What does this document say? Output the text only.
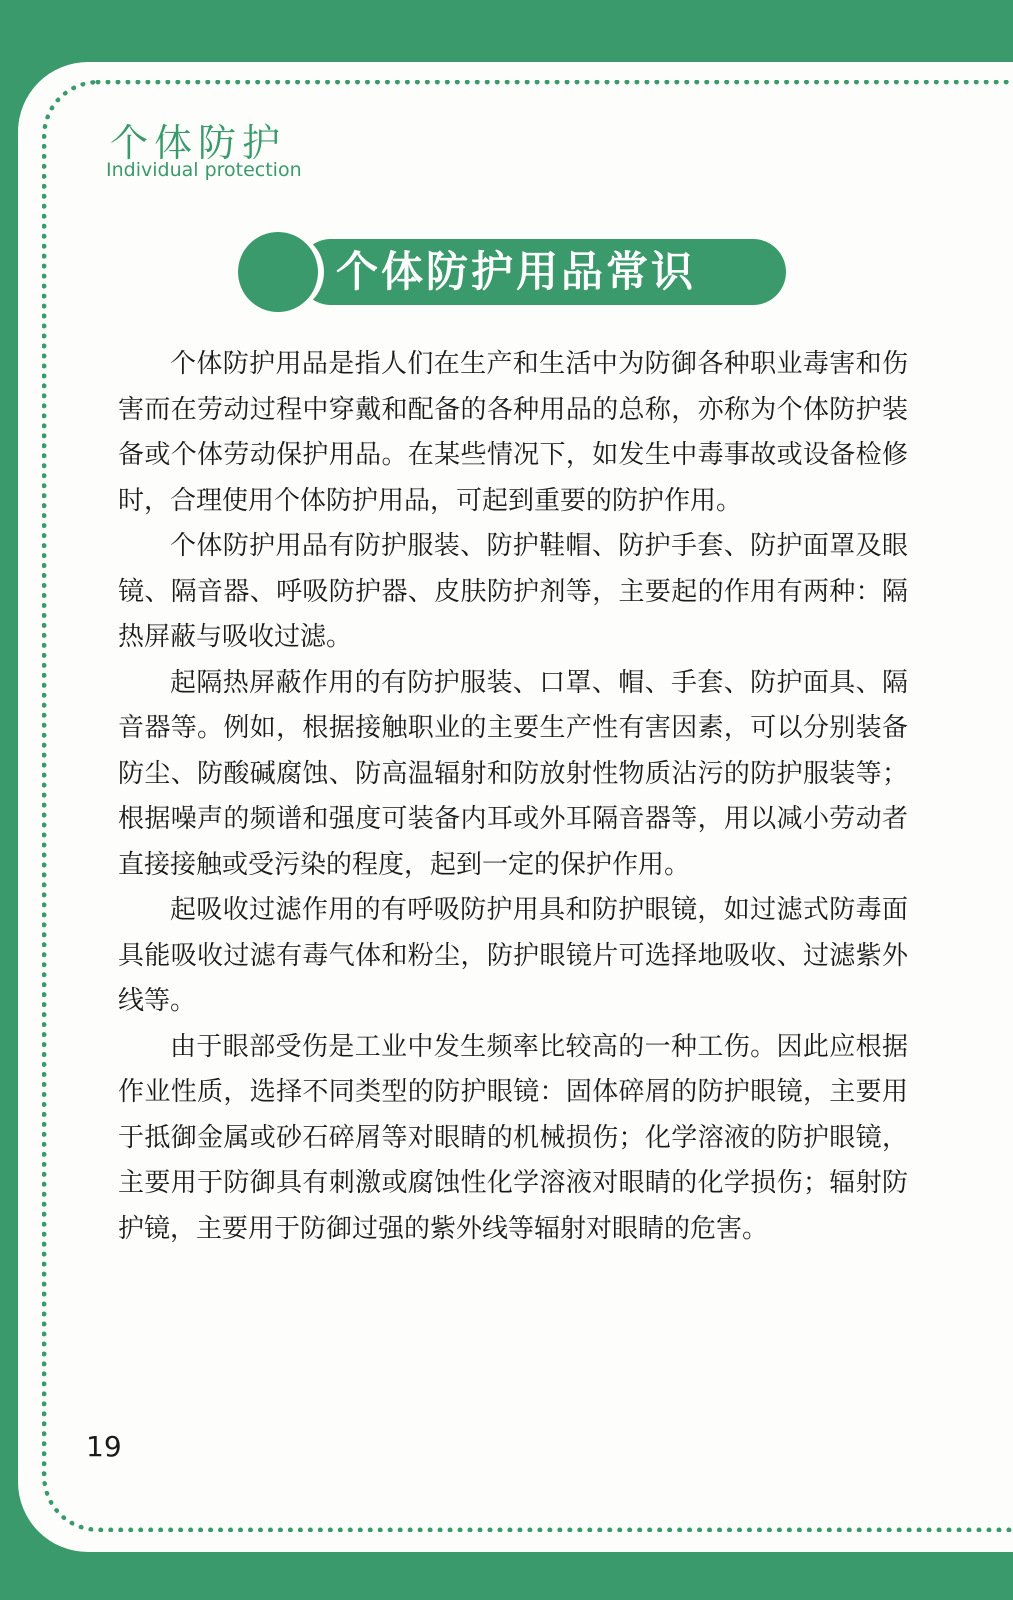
个体防护

Individual protection

个体防护用品常识

个体防护用品是指人们在生产和生活中为防御各种职业毒害和伤害而在劳动过程中穿戴和配备的各种用品的总称，亦称为个体防护装备或个体劳动保护用品。在某些情况下，如发生中毒事故或设备检修时，合理使用个体防护用品，可起到重要的防护作用。

个体防护用品有防护服装、防护鞋帽、防护手套、防护面罩及眼镜、隔音器、呼吸防护器、皮肤防护剂等，主要起的作用有两种：隔热屏蔽与吸收过滤。

起隔热屏蔽作用的有防护服装、口罩、帽、手套、防护面具、隔音器等。例如，根据接触职业的主要生产性有害因素，可以分别装备防尘、防酸碱腐蚀、防高温辐射和防放射性物质沾污的防护服装等；根据噪声的频谱和强度可装备内耳或外耳隔音器等，用以减小劳动者直接接触或受污染的程度，起到一定的保护作用。

起吸收过滤作用的有呼吸防护用具和防护眼镜，如过滤式防毒面具能吸收过滤有毒气体和粉尘，防护眼镜片可选择地吸收、过滤紫外线等。

由于眼部受伤是工业中发生频率比较高的一种工伤。因此应根据作业性质，选择不同类型的防护眼镜：固体碎屑的防护眼镜，主要用于抵御金属或砂石碎屑等对眼睛的机械损伤；化学溶液的防护眼镜，主要用于防御具有刺激或腐蚀性化学溶液对眼睛的化学损伤；辐射防护镜，主要用于防御过强的紫外线等辐射对眼睛的危害。

19
